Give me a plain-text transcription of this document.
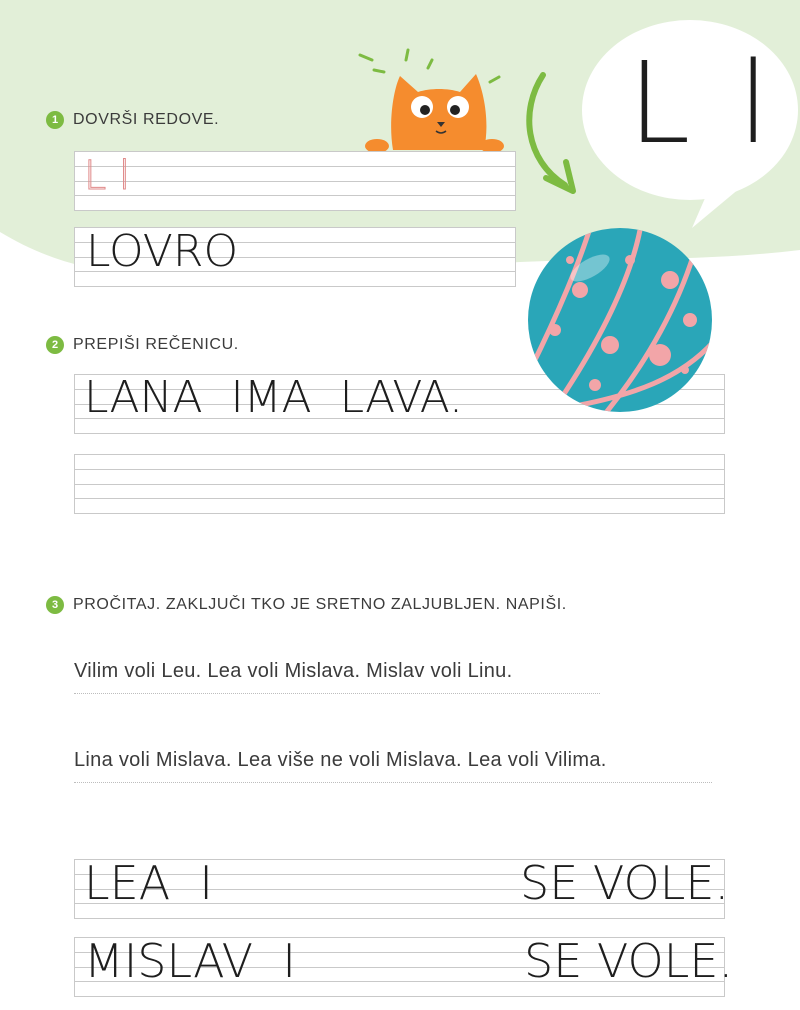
L l
1 DOVRŠI REDOVE.
L l
LOVRO
2 PREPIŠI REČENICU.
LANA  IMA  LAVA.
3 PROČITAJ. ZAKLJUČI TKO JE SRETNO ZALJUBLJEN. NAPIŠI.
Vilim voli Leu. Lea voli Mislava. Mislav voli Linu.
Lina voli Mislava. Lea više ne voli Mislava. Lea voli Vilima.
LEA  I	SE VOLE.
MISLAV  I	SE VOLE.
